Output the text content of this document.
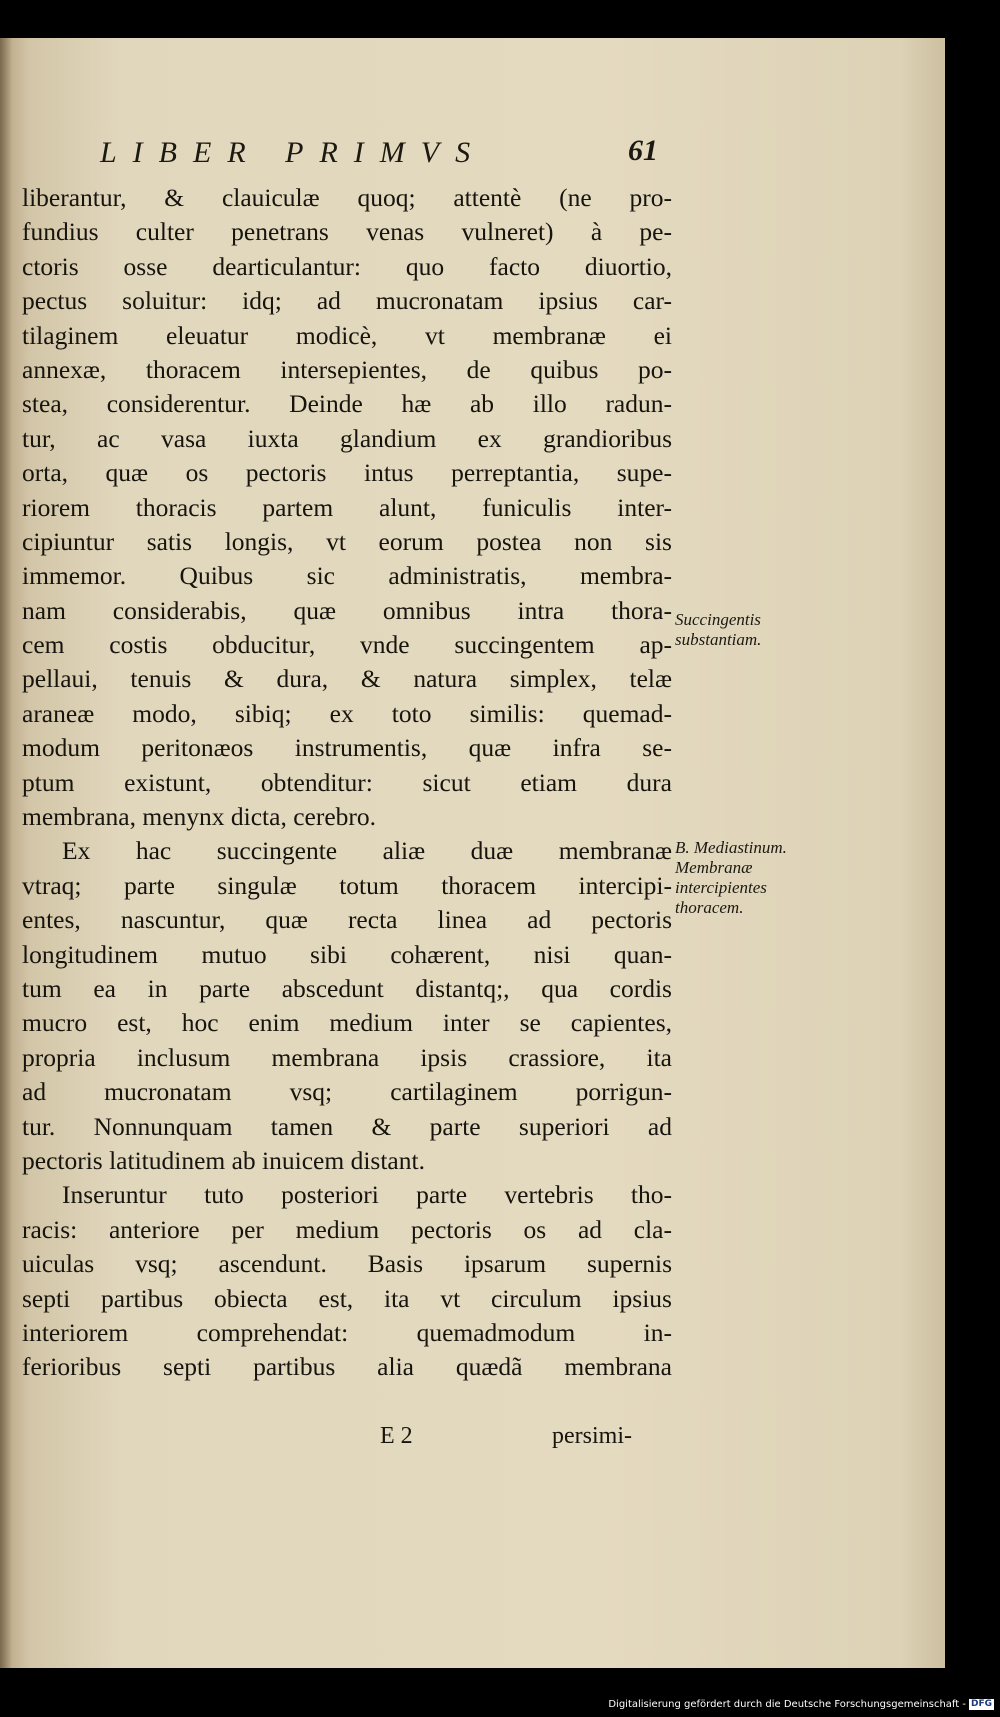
LIBER PRIMVS	61
liberantur, & clauiculæ quoq; attentè (ne pro-
fundius culter penetrans venas vulneret) à pe-
ctoris osse dearticulantur: quo facto diuortio,
pectus soluitur: idq; ad mucronatam ipsius car-
tilaginem eleuatur modicè, vt membranæ ei
annexæ, thoracem intersepientes, de quibus po-
stea, considerentur. Deinde hæ ab illo radun-
tur, ac vasa iuxta glandium ex grandioribus
orta, quæ os pectoris intus perreptantia, supe-
riorem thoracis partem alunt, funiculis inter-
cipiuntur satis longis, vt eorum postea non sis
immemor. Quibus sic administratis, membra-
nam considerabis, quæ omnibus intra thora-
cem costis obducitur, vnde succingentem ap-
pellaui, tenuis & dura, & natura simplex, telæ
araneæ modo, sibiq; ex toto similis: quemad-
modum peritonæos instrumentis, quæ infra se-
ptum existunt, obtenditur: sicut etiam dura
membrana, menynx dicta, cerebro.
Ex hac succingente aliæ duæ membranæ
vtraq; parte singulæ totum thoracem intercipi-
entes, nascuntur, quæ recta linea ad pectoris
longitudinem mutuo sibi cohærent, nisi quan-
tum ea in parte abscedunt distantq;, qua cordis
mucro est, hoc enim medium inter se capientes,
propria inclusum membrana ipsis crassiore, ita
ad mucronatam vsq; cartilaginem porrigun-
tur. Nonnunquam tamen & parte superiori ad
pectoris latitudinem ab inuicem distant.
Inseruntur tuto posteriori parte vertebris tho-
racis: anteriore per medium pectoris os ad cla-
uiculas vsq; ascendunt. Basis ipsarum supernis
septi partibus obiecta est, ita vt circulum ipsius
interiorem comprehendat: quemadmodum in-
ferioribus septi partibus alia quædã membrana
Succingentis
substantiam.
B. Mediastinum.
Membranæ
intercipientes
thoracem.
E 2	persimi-
Digitalisierung gefördert durch die Deutsche Forschungsgemeinschaft - DFG
